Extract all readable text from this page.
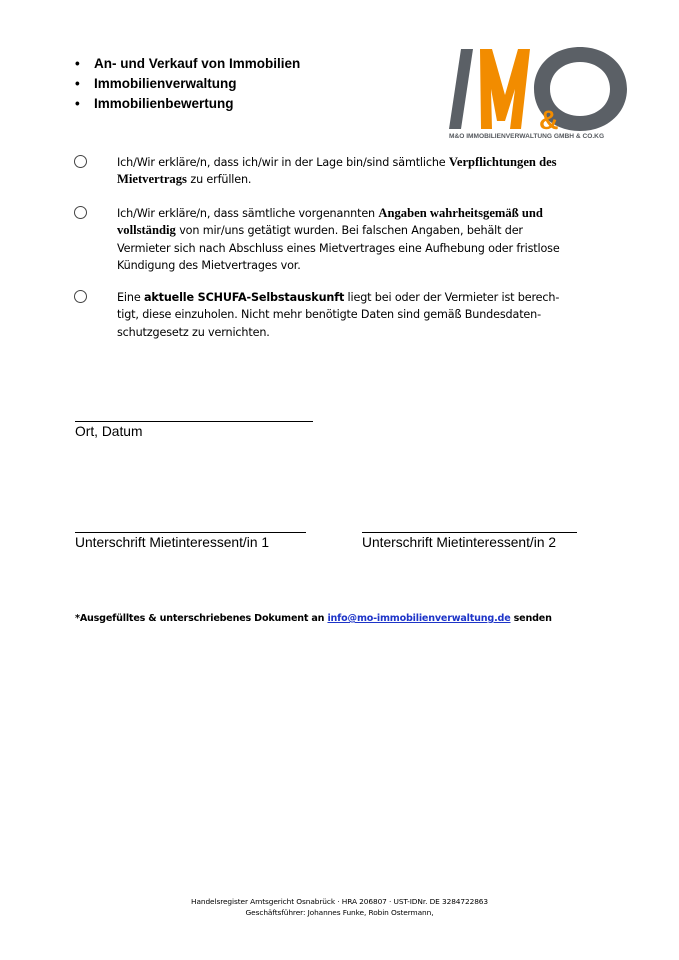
• An- und Verkauf von Immobilien
• Immobilienverwaltung
• Immobilienbewertung
&
M&O IMMOBILIENVERWALTUNG GMBH & CO.KG
Ich/Wir erkläre/n, dass ich/wir in der Lage bin/sind sämtliche Verpflichtungen des Mietvertrags zu erfüllen.
Ich/Wir erkläre/n, dass sämtliche vorgenannten Angaben wahrheitsgemäß und vollständig von mir/uns getätigt wurden. Bei falschen Angaben, behält der Vermieter sich nach Abschluss eines Mietvertrages eine Aufhebung oder fristlose Kündigung des Mietvertrages vor.
Eine aktuelle SCHUFA-Selbstauskunft liegt bei oder der Vermieter ist berech-tigt, diese einzuholen. Nicht mehr benötigte Daten sind gemäß Bundesdaten-schutzgesetz zu vernichten.
Ort, Datum
Unterschrift Mietinteressent/in 1	Unterschrift Mietinteressent/in 2
*Ausgefülltes & unterschriebenes Dokument an info@mo-immobilienverwaltung.de senden
Handelsregister Amtsgericht Osnabrück · HRA 206807 · UST-IDNr. DE 3284722863
Geschäftsführer: Johannes Funke, Robin Ostermann,
